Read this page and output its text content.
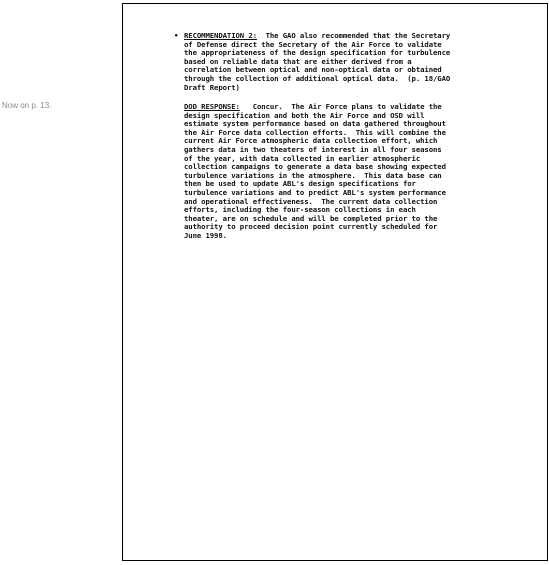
Now on p. 13.
• RECOMMENDATION 2: The GAO also recommended that the Secretary
of Defense direct the Secretary of the Air Force to validate
the appropriateness of the design specification for turbulence
based on reliable data that are either derived from a
correlation between optical and non-optical data or obtained
through the collection of additional optical data.  (p. 18/GAO
Draft Report)
DOD RESPONSE: Concur.  The Air Force plans to validate the
design specification and both the Air Force and OSD will
estimate system performance based on data gathered throughout
the Air Force data collection efforts.  This will combine the
current Air Force atmospheric data collection effort, which
gathers data in two theaters of interest in all four seasons
of the year, with data collected in earlier atmospheric
collection campaigns to generate a data base showing expected
turbulence variations in the atmosphere.  This data base can
then be used to update ABL's design specifications for
turbulence variations and to predict ABL's system performance
and operational effectiveness.  The current data collection
efforts, including the four-season collections in each
theater, are on schedule and will be completed prior to the
authority to proceed decision point currently scheduled for
June 1998.
